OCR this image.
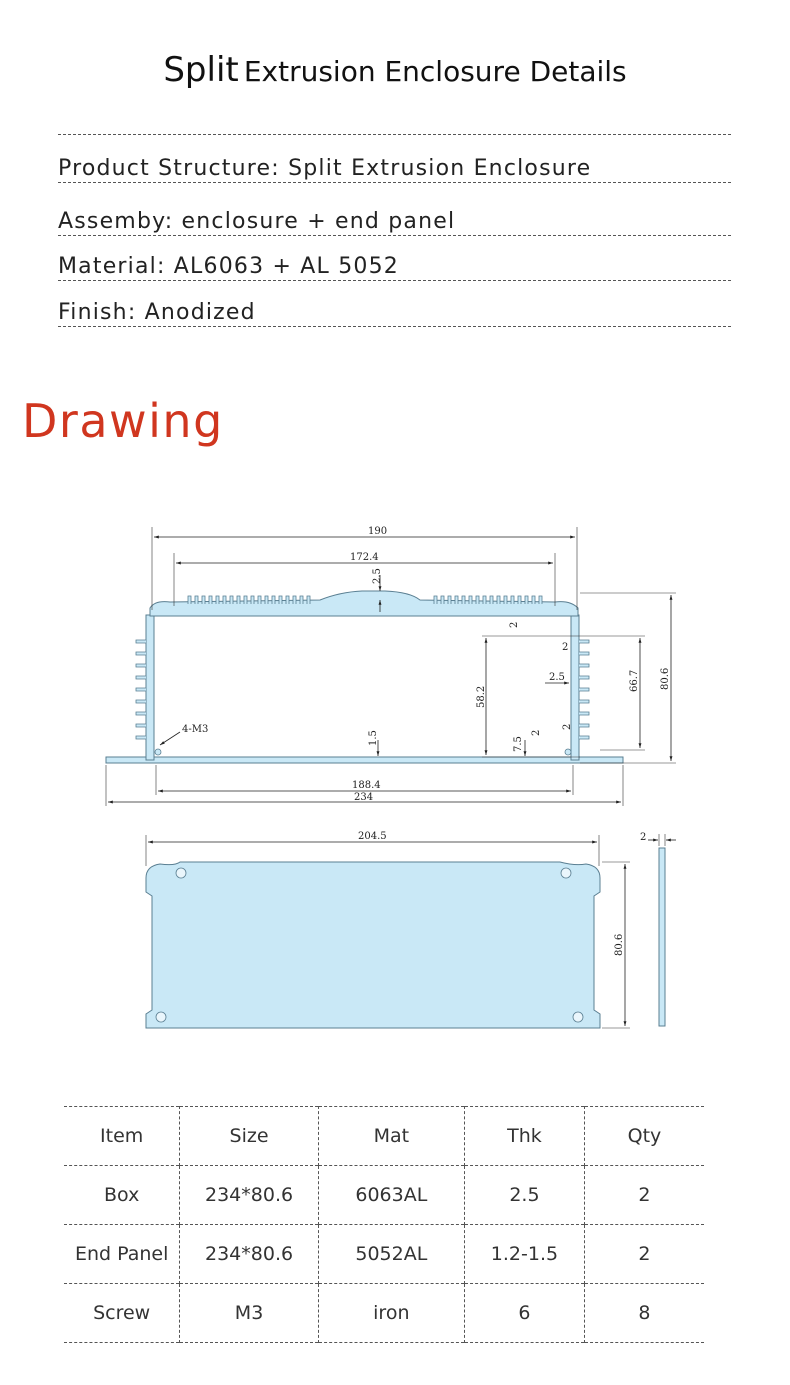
Split Extrusion Enclosure Details
Product Structure: Split Extrusion Enclosure
Assemby: enclosure + end panel
Material: AL6063 + AL 5052
Finish: Anodized
Drawing
190
172.4
2.5
2
2
2.5
58.2
66.7 80.6
4-M3
1.5	2
7.5
2
188.4
234
204.5
80.6
2
Item	Size	Mat	Thk	Qty
Box	234*80.6	6063AL	2.5	2
End Panel	234*80.6	5052AL	1.2-1.5	2
Screw	M3	iron	6	8
